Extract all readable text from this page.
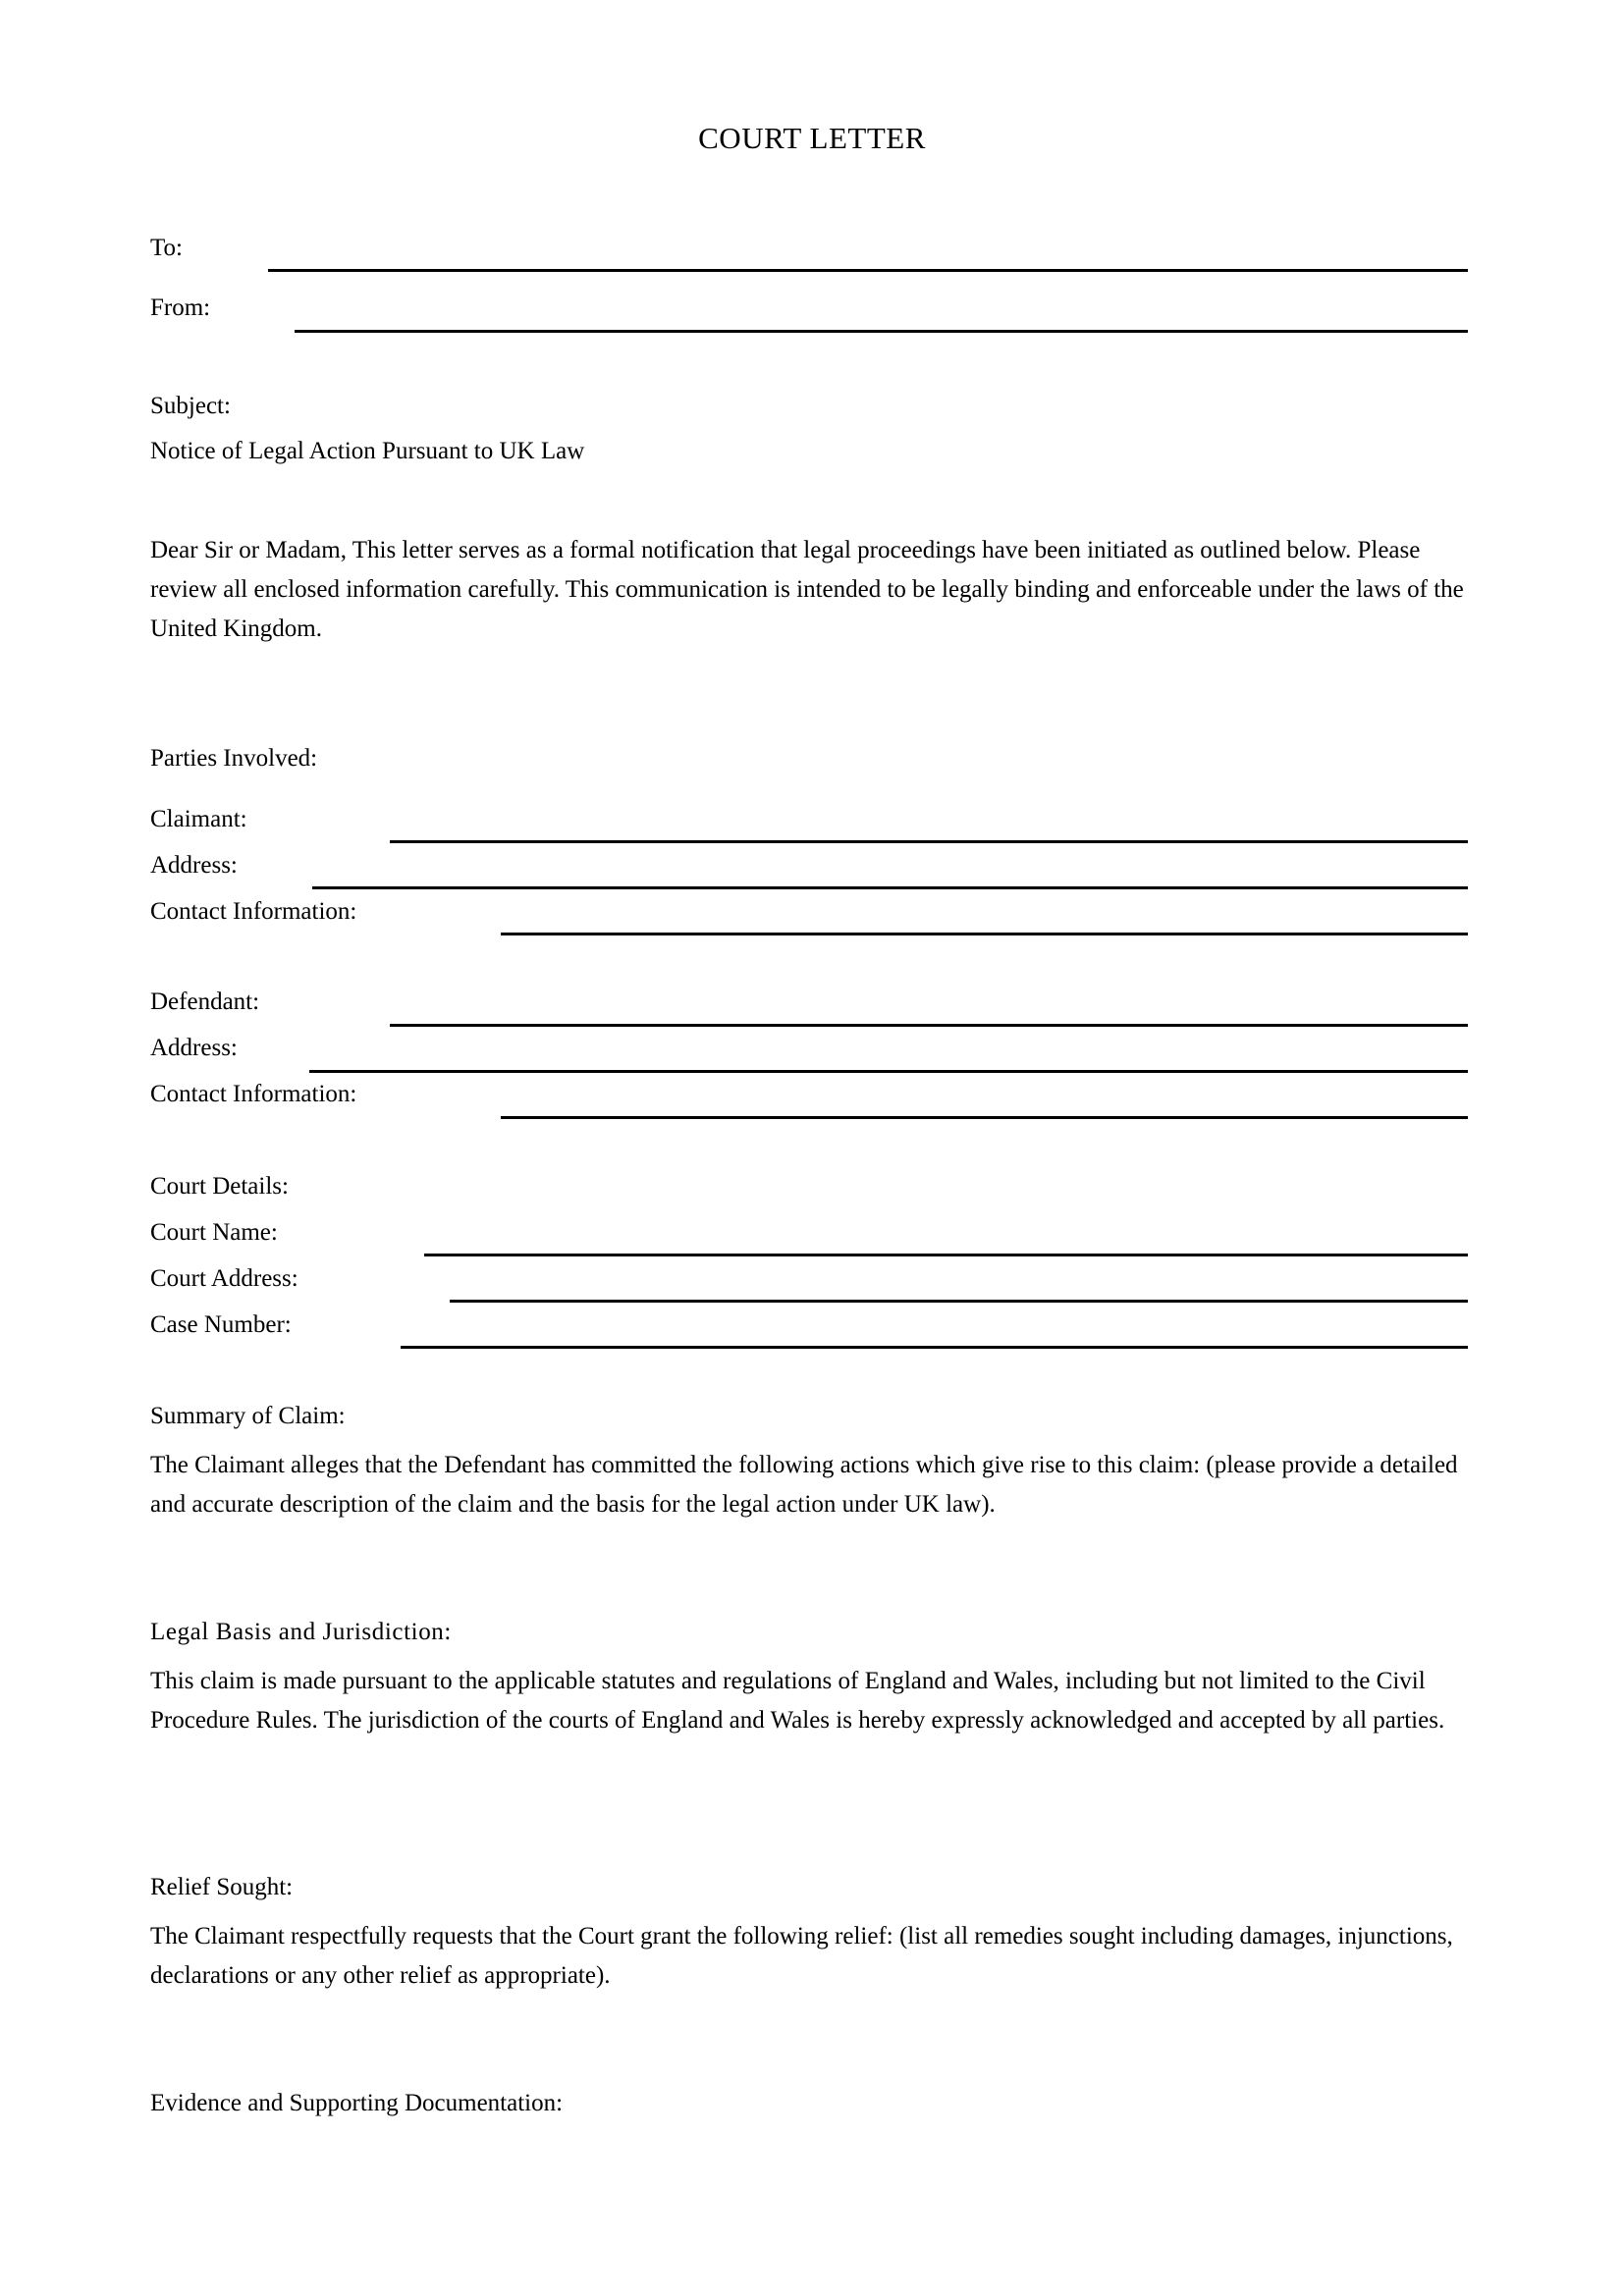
COURT LETTER
To:
From:
Subject:
Notice of Legal Action Pursuant to UK Law
Dear Sir or Madam, This letter serves as a formal notification that legal proceedings have been initiated as outlined below. Please review all enclosed information carefully. This communication is intended to be legally binding and enforceable under the laws of the United Kingdom.
Parties Involved:
Claimant:
Address:
Contact Information:
Defendant:
Address:
Contact Information:
Court Details:
Court Name:
Court Address:
Case Number:
Summary of Claim:
The Claimant alleges that the Defendant has committed the following actions which give rise to this claim: (please provide a detailed and accurate description of the claim and the basis for the legal action under UK law).
Legal Basis and Jurisdiction:
This claim is made pursuant to the applicable statutes and regulations of England and Wales, including but not limited to the Civil Procedure Rules. The jurisdiction of the courts of England and Wales is hereby expressly acknowledged and accepted by all parties.
Relief Sought:
The Claimant respectfully requests that the Court grant the following relief: (list all remedies sought including damages, injunctions, declarations or any other relief as appropriate).
Evidence and Supporting Documentation:
